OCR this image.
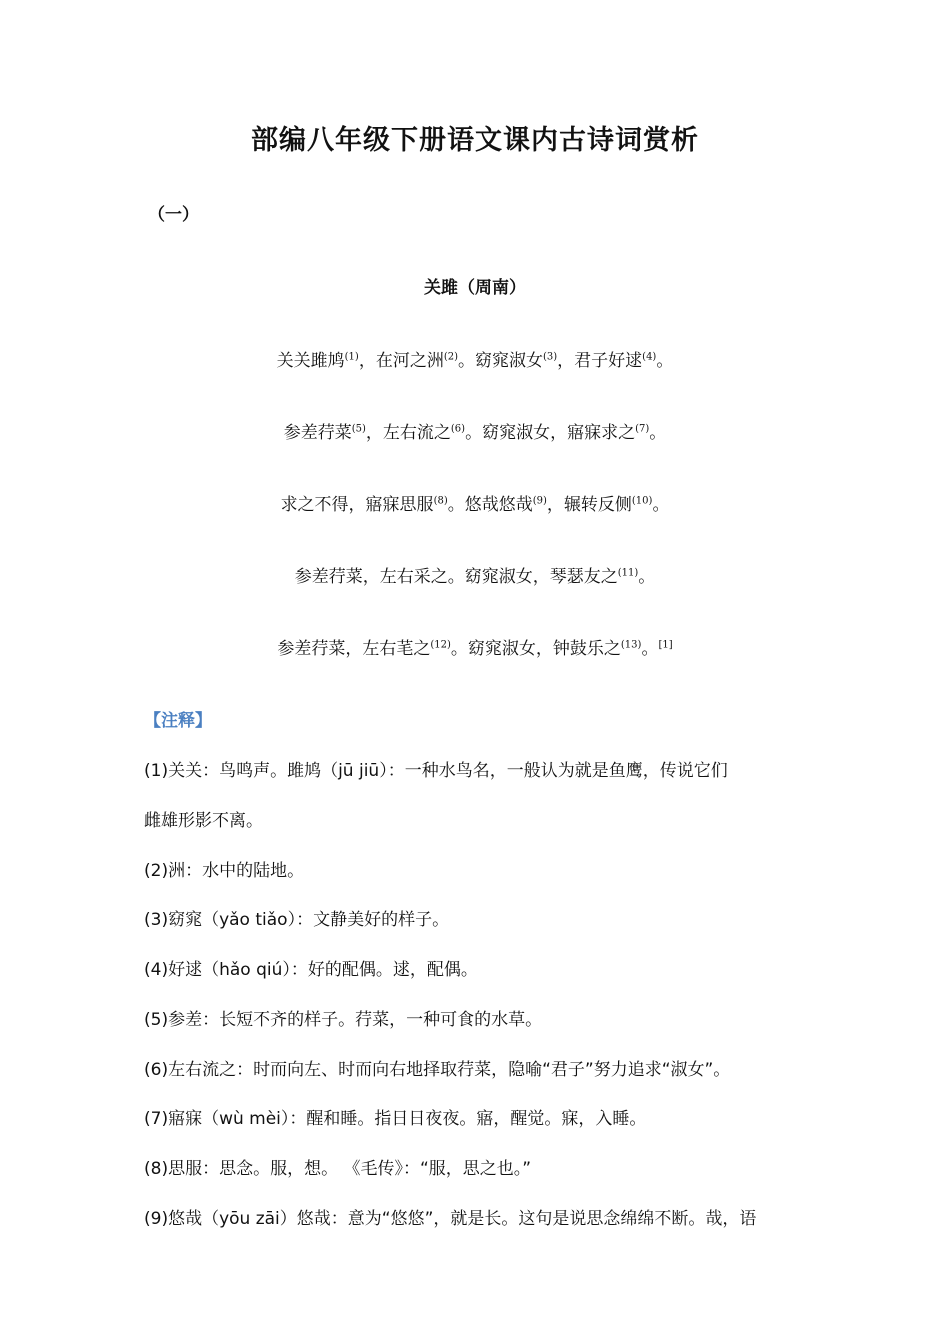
部编八年级下册语文课内古诗词赏析
（一）
关雎（周南）
关关雎鸠$^{(1)}$，在河之洲$^{(2)}$。窈窕淑女$^{(3)}$，君子好逑$^{(4)}$。
参差荇菜$^{(5)}$，左右流之$^{(6)}$。窈窕淑女，寤寐求之$^{(7)}$。
求之不得，寤寐思服$^{(8)}$。悠哉悠哉$^{(9)}$，辗转反侧$^{(10)}$。
参差荇菜，左右采之。窈窕淑女，琴瑟友之$^{(11)}$。
参差荇菜，左右芼之$^{(12)}$。窈窕淑女，钟鼓乐之$^{(13)}$。[1]
【注释】
(1)关关：鸟鸣声。雎鸠（jū jiū）：一种水鸟名，一般认为就是鱼鹰，传说它们
雌雄形影不离。
(2)洲：水中的陆地。
(3)窈窕（yǎo tiǎo）：文静美好的样子。
(4)好逑（hǎo qiú）：好的配偶。逑，配偶。
(5)参差：长短不齐的样子。荇菜，一种可食的水草。
(6)左右流之：时而向左、时而向右地择取荇菜，隐喻“君子”努力追求“淑女”。
(7)寤寐（wù mèi）：醒和睡。指日日夜夜。寤，醒觉。寐，入睡。
(8)思服：思念。服，想。 《毛传》：“服，思之也。”
(9)悠哉（yōu zāi）悠哉：意为“悠悠”，就是长。这句是说思念绵绵不断。哉，语
